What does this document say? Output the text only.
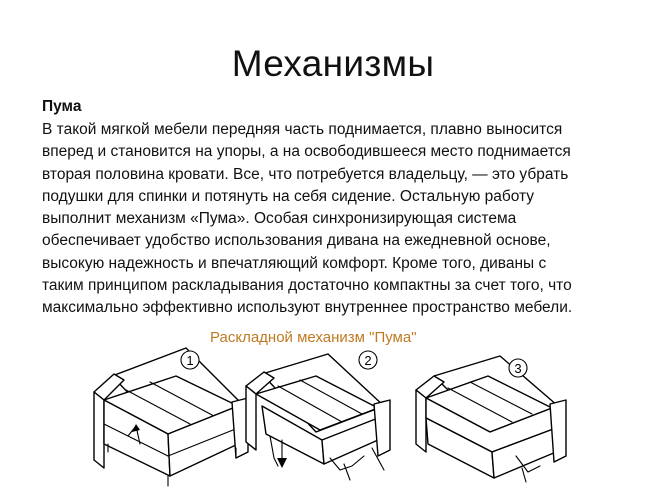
Механизмы
Пума
В такой мягкой мебели передняя часть поднимается, плавно выносится
вперед и становится на упоры, а на освободившееся место поднимается
вторая половина кровати. Все, что потребуется владельцу, — это убрать
подушки для спинки и потянуть на себя сидение. Остальную работу
выполнит механизм «Пума». Особая синхронизирующая система
обеспечивает удобство использования дивана на ежедневной основе,
высокую надежность и впечатляющий комфорт. Кроме того, диваны с
таким принципом раскладывания достаточно компактны за счет того, что
максимально эффективно используют внутреннее пространство мебели.
Раскладной механизм "Пума"
1	2
3
